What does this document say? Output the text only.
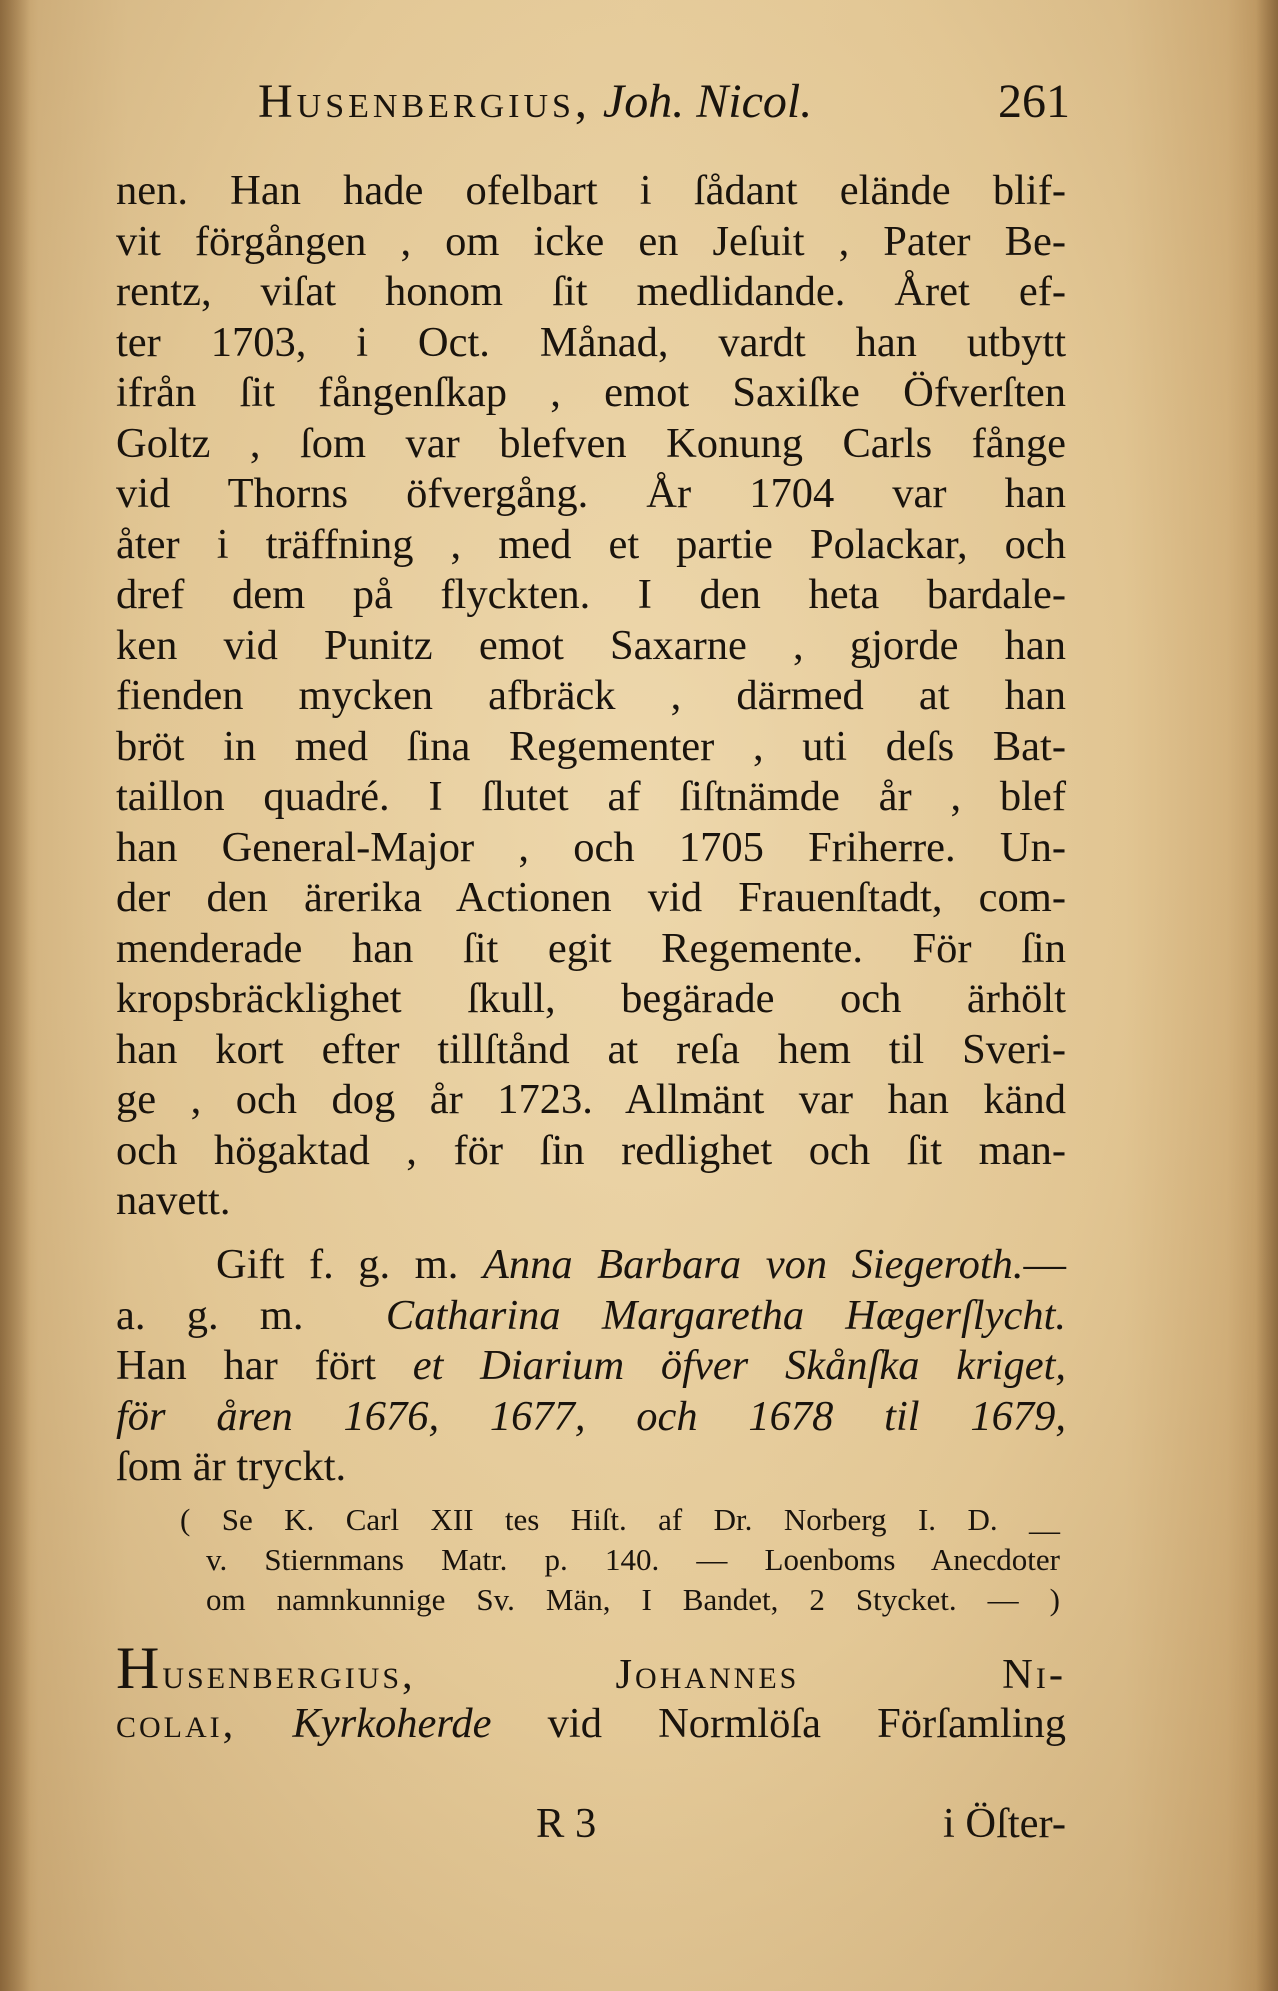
Husenbergius, Joh. Nicol.	261
nen. Han hade ofelbart i ſådant elände blif-
vit förgången , om icke en Jeſuit , Pater Be-
rentz, viſat honom ſit medlidande. Året ef-
ter 1703, i Oct. Månad, vardt han utbytt
ifrån ſit fångenſkap , emot Saxiſke Öfverſten
Goltz , ſom var blefven Konung Carls fånge
vid Thorns öfvergång. År 1704 var han
åter i träffning , med et partie Polackar, och
dref dem på flyckten. I den heta bardale-
ken vid Punitz emot Saxarne , gjorde han
fienden mycken afbräck , därmed at han
bröt in med ſina Regementer , uti deſs Bat-
taillon quadré. I ſlutet af ſiſtnämde år , blef
han General-Major , och 1705 Friherre. Un-
der den ärerika Actionen vid Frauenſtadt, com-
menderade han ſit egit Regemente. För ſin
kropsbräcklighet ſkull, begärade och ärhölt
han kort efter tillſtånd at reſa hem til Sveri-
ge , och dog år 1723. Allmänt var han känd
och högaktad , för ſin redlighet och ſit man-
navett.
Gift f. g. m. Anna Barbara von Siegeroth.—
a. g. m. Catharina Margaretha Hægerſlycht.
Han har fört et Diarium öfver Skånſka kriget,
för åren 1676, 1677, och 1678 til 1679,
ſom är tryckt.
( Se K. Carl XII tes Hiſt. af Dr. Norberg I. D. __
v. Stiernmans Matr. p. 140. — Loenboms Anecdoter
om namnkunnige Sv. Män, I Bandet, 2 Stycket. — )
Husenbergius,	Johannes Ni-
colai, Kyrkoherde vid Normlöſa Förſamling
R 3	i Öſter-
